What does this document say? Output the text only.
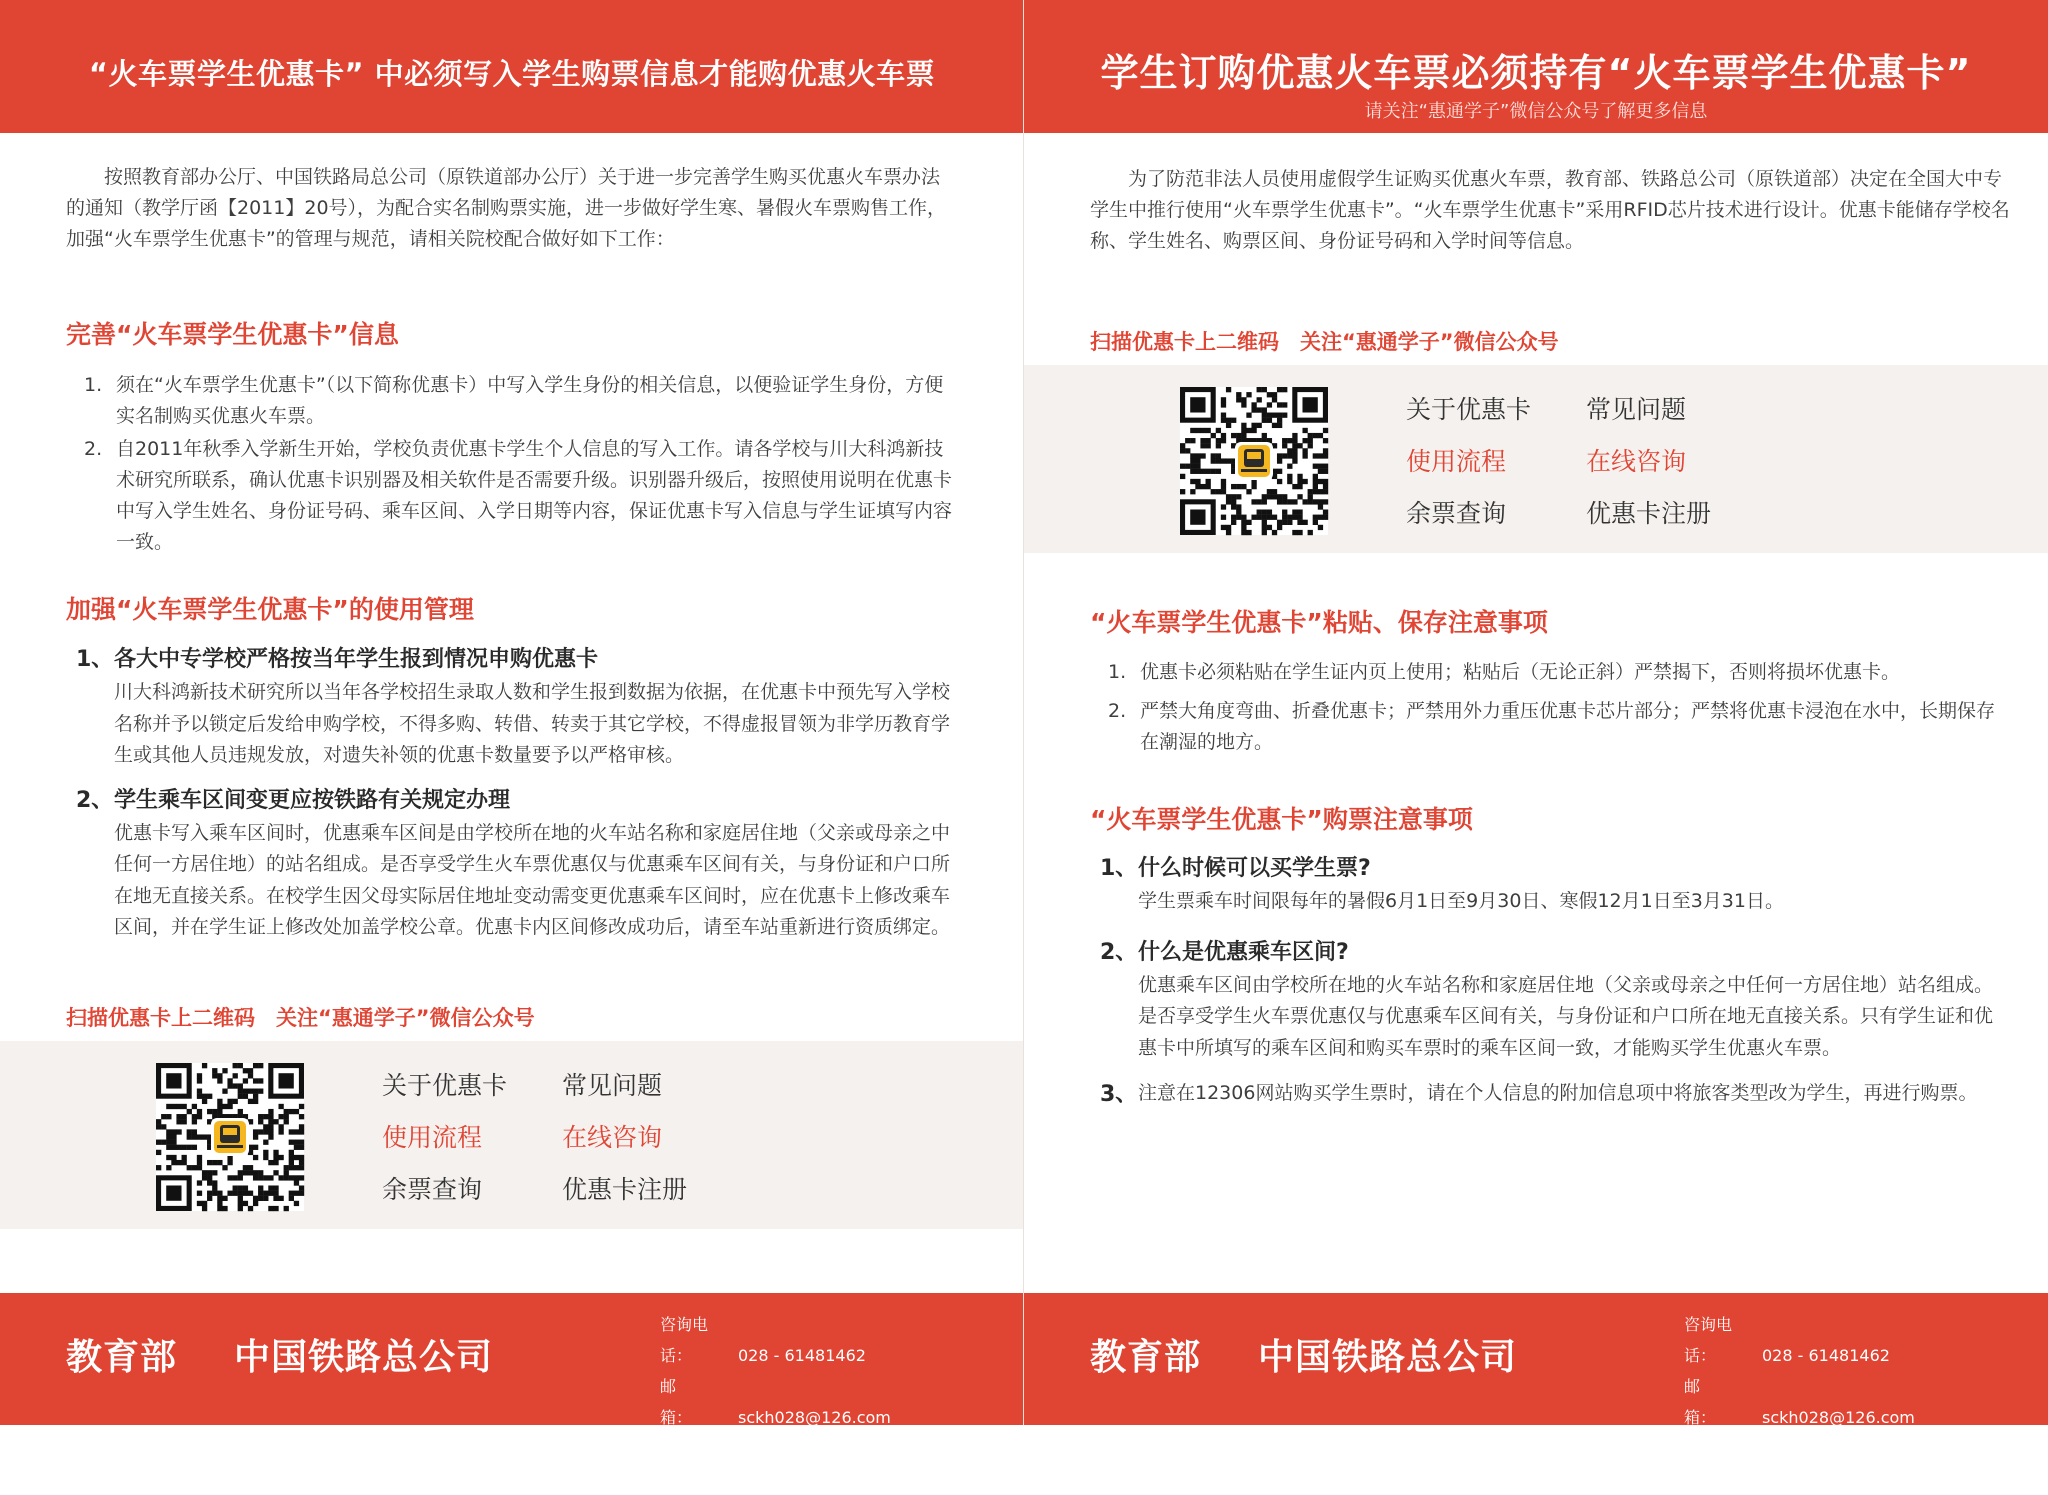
“火车票学生优惠卡” 中必须写入学生购票信息才能购优惠火车票

按照教育部办公厅、中国铁路局总公司（原铁道部办公厅）关于进一步完善学生购买优惠火车票办法的通知（教学厅函【2011】20号），为配合实名制购票实施，进一步做好学生寒、暑假火车票购售工作，加强“火车票学生优惠卡”的管理与规范，请相关院校配合做好如下工作：

完善“火车票学生优惠卡”信息
1. 须在“火车票学生优惠卡”（以下简称优惠卡）中写入学生身份的相关信息，以便验证学生身份，方便实名制购买优惠火车票。
2. 自2011年秋季入学新生开始，学校负责优惠卡学生个人信息的写入工作。请各学校与川大科鸿新技术研究所联系，确认优惠卡识别器及相关软件是否需要升级。识别器升级后，按照使用说明在优惠卡中写入学生姓名、身份证号码、乘车区间、入学日期等内容，保证优惠卡写入信息与学生证填写内容一致。
加强“火车票学生优惠卡”的使用管理
1、各大中专学校严格按当年学生报到情况申购优惠卡
川大科鸿新技术研究所以当年各学校招生录取人数和学生报到数据为依据，在优惠卡中预先写入学校名称并予以锁定后发给申购学校，不得多购、转借、转卖于其它学校，不得虚报冒领为非学历教育学生或其他人员违规发放，对遗失补领的优惠卡数量要予以严格审核。
2、学生乘车区间变更应按铁路有关规定办理
优惠卡写入乘车区间时，优惠乘车区间是由学校所在地的火车站名称和家庭居住地（父亲或母亲之中任何一方居住地）的站名组成。是否享受学生火车票优惠仅与优惠乘车区间有关，与身份证和户口所在地无直接关系。在校学生因父母实际居住地址变动需变更优惠乘车区间时，应在优惠卡上修改乘车区间，并在学生证上修改处加盖学校公章。优惠卡内区间修改成功后，请至车站重新进行资质绑定。
扫描优惠卡上二维码　关注“惠通学子”微信公众号
关于优惠卡	常见问题
使用流程	在线咨询
余票查询	优惠卡注册
教育部 中国铁路总公司
咨询电话：	028 - 61481462
邮　　箱：	sckh028@126.com
网　　址：	http://www.stcard.cn
学生订购优惠火车票必须持有“火车票学生优惠卡”
请关注“惠通学子”微信公众号了解更多信息

为了防范非法人员使用虚假学生证购买优惠火车票，教育部、铁路总公司（原铁道部）决定在全国大中专学生中推行使用“火车票学生优惠卡”。“火车票学生优惠卡”采用RFID芯片技术进行设计。优惠卡能储存学校名称、学生姓名、购票区间、身份证号码和入学时间等信息。

扫描优惠卡上二维码　关注“惠通学子”微信公众号
关于优惠卡	常见问题
使用流程	在线咨询
余票查询	优惠卡注册
“火车票学生优惠卡”粘贴、保存注意事项
1. 优惠卡必须粘贴在学生证内页上使用；粘贴后（无论正斜）严禁揭下，否则将损坏优惠卡。
2. 严禁大角度弯曲、折叠优惠卡；严禁用外力重压优惠卡芯片部分；严禁将优惠卡浸泡在水中，长期保存在潮湿的地方。
“火车票学生优惠卡”购票注意事项
1、什么时候可以买学生票?
学生票乘车时间限每年的暑假6月1日至9月30日、寒假12月1日至3月31日。
2、什么是优惠乘车区间?
优惠乘车区间由学校所在地的火车站名称和家庭居住地（父亲或母亲之中任何一方居住地）站名组成。是否享受学生火车票优惠仅与优惠乘车区间有关，与身份证和户口所在地无直接关系。只有学生证和优惠卡中所填写的乘车区间和购买车票时的乘车区间一致，才能购买学生优惠火车票。
3、 注意在12306网站购买学生票时，请在个人信息的附加信息项中将旅客类型改为学生，再进行购票。
教育部 中国铁路总公司
咨询电话：	028 - 61481462
邮　　箱：	sckh028@126.com
网　　址：	http://www.stcard.cn
